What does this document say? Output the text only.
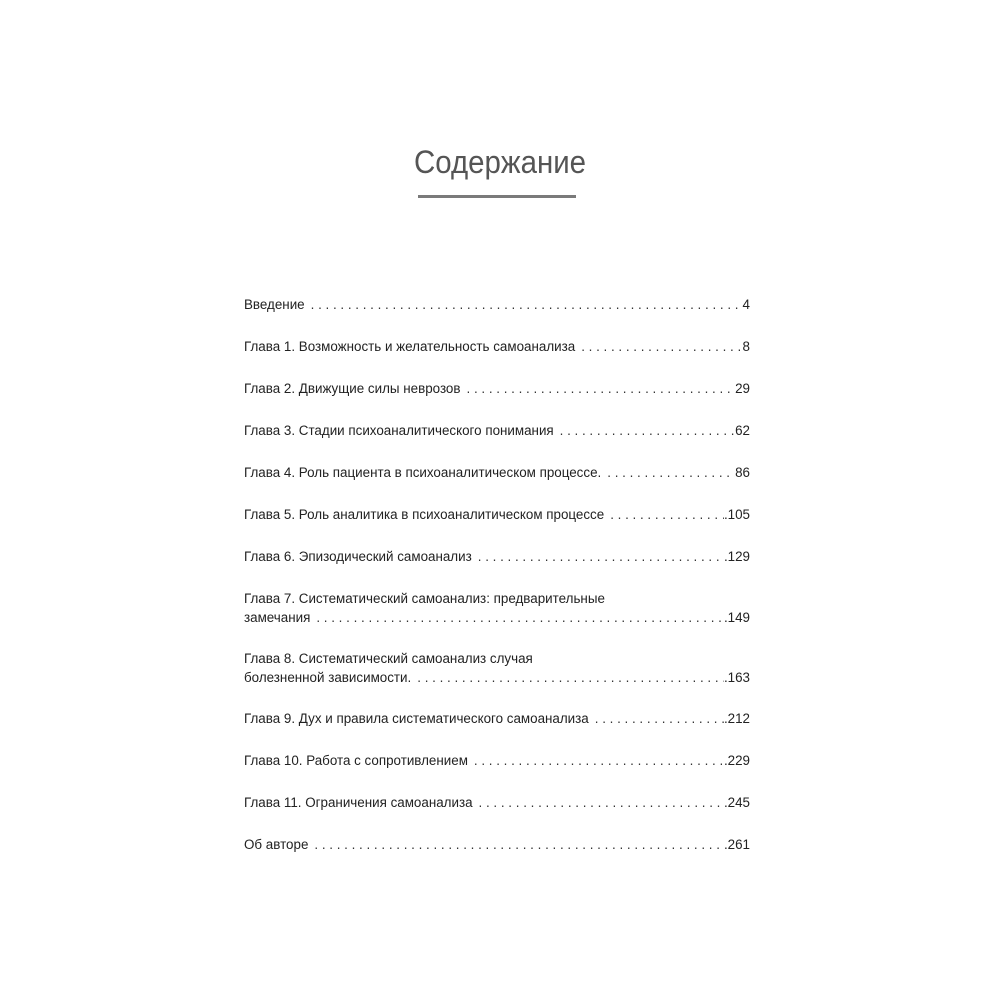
Содержание
Введение . . .	4
Глава 1. Возможность и желательность самоанализа . . .	8
Глава 2. Движущие силы неврозов . . .	29
Глава 3. Стадии психоаналитического понимания . . .	62
Глава 4. Роль пациента в психоаналитическом процессе. . . .	86
Глава 5. Роль аналитика в психоаналитическом процессе . . .	.105
Глава 6. Эпизодический самоанализ . . .	.129
Глава 7. Систематический самоанализ: предварительные
замечания . . .	.149
Глава 8. Систематический самоанализ случая
болезненной зависимости. . . .	.163
Глава 9. Дух и правила систематического самоанализа . . .	.212
Глава 10. Работа с сопротивлением . . .	.229
Глава 11. Ограничения самоанализа . . .	.245
Об авторе . . .	.261
